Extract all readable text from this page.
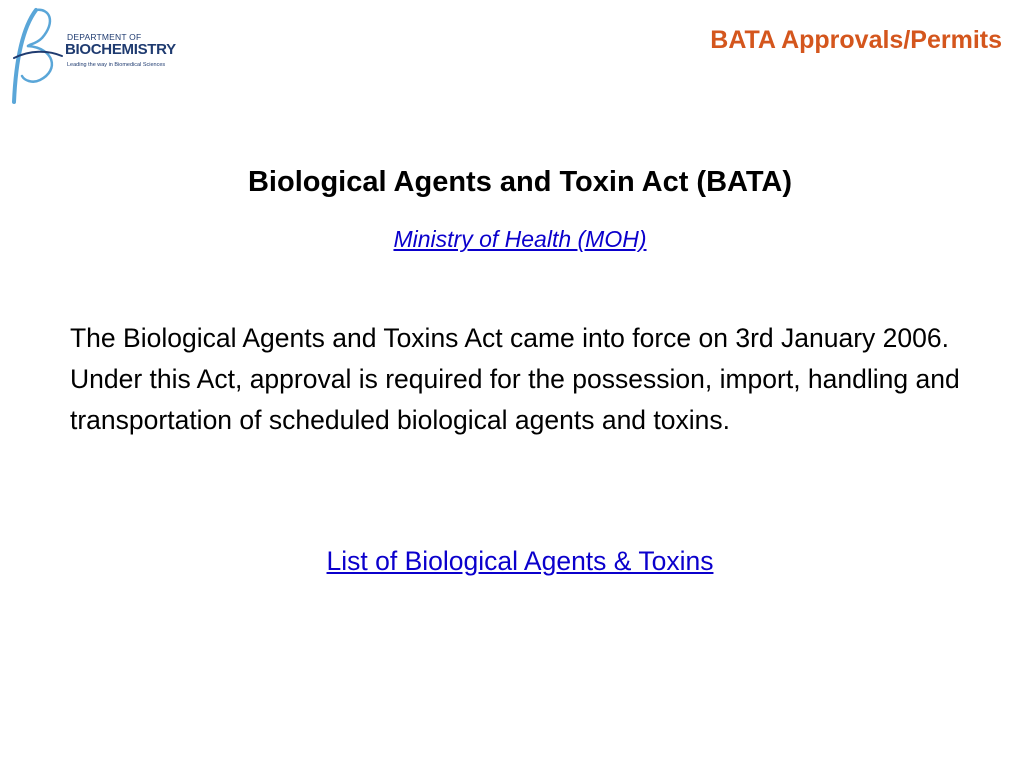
DEPARTMENT OF
BIOCHEMISTRY
Leading the way in Biomedical Sciences
BATA Approvals/Permits
Biological Agents and Toxin Act (BATA)
Ministry of Health (MOH)
The Biological Agents and Toxins Act came into force on 3rd January 2006. Under this Act, approval is required for the possession, import, handling and transportation of scheduled biological agents and toxins.
List of Biological Agents & Toxins
